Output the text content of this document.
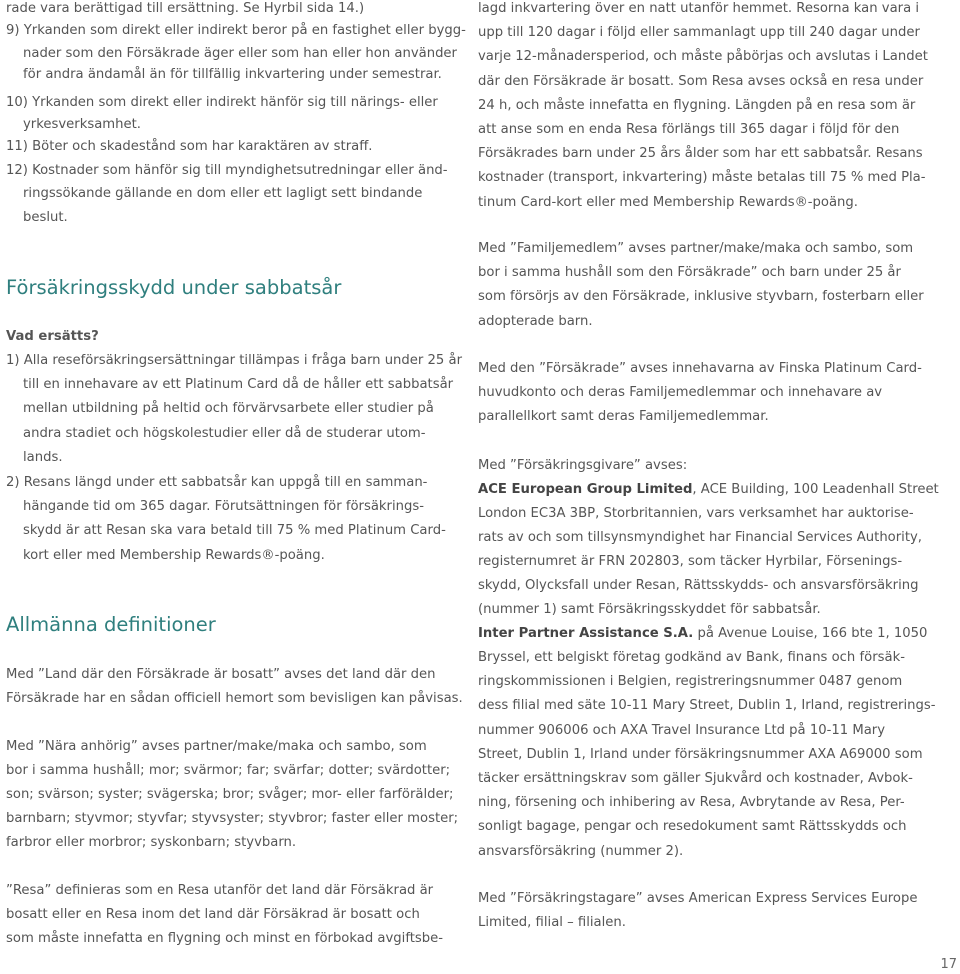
rade vara berättigad till ersättning. Se Hyrbil sida 14.)
9) Yrkanden som direkt eller indirekt beror på en fastighet eller bygg-
nader som den Försäkrade äger eller som han eller hon använder
för andra ändamål än för tillfällig inkvartering under semestrar.
10) Yrkanden som direkt eller indirekt hänför sig till närings- eller
yrkesverksamhet.
11) Böter och skadestånd som har karaktären av straff.
12) Kostnader som hänför sig till myndighetsutredningar eller änd-
ringssökande gällande en dom eller ett lagligt sett bindande
beslut.
Försäkringsskydd under sabbatsår
Vad ersätts?
1) Alla reseförsäkringsersättningar tillämpas i fråga barn under 25 år
till en innehavare av ett Platinum Card då de håller ett sabbatsår
mellan utbildning på heltid och förvärvsarbete eller studier på
andra stadiet och högskolestudier eller då de studerar utom-
lands.
2) Resans längd under ett sabbatsår kan uppgå till en samman-
hängande tid om 365 dagar. Förutsättningen för försäkrings-
skydd är att Resan ska vara betald till 75 % med Platinum Card-
kort eller med Membership Rewards®-poäng.
Allmänna definitioner
Med ”Land där den Försäkrade är bosatt” avses det land där den
Försäkrade har en sådan officiell hemort som bevisligen kan påvisas.
Med ”Nära anhörig” avses partner/make/maka och sambo, som
bor i samma hushåll; mor; svärmor; far; svärfar; dotter; svärdotter;
son; svärson; syster; svägerska; bror; svåger; mor- eller farförälder;
barnbarn; styvmor; styvfar; styvsyster; styvbror; faster eller moster;
farbror eller morbror; syskonbarn; styvbarn.
”Resa” definieras som en Resa utanför det land där Försäkrad är
bosatt eller en Resa inom det land där Försäkrad är bosatt och
som måste innefatta en flygning och minst en förbokad avgiftsbe-
lagd inkvartering över en natt utanför hemmet. Resorna kan vara i
upp till 120 dagar i följd eller sammanlagt upp till 240 dagar under
varje 12-månadersperiod, och måste påbörjas och avslutas i Landet
där den Försäkrade är bosatt. Som Resa avses också en resa under
24 h, och måste innefatta en flygning. Längden på en resa som är
att anse som en enda Resa förlängs till 365 dagar i följd för den
Försäkrades barn under 25 års ålder som har ett sabbatsår. Resans
kostnader (transport, inkvartering) måste betalas till 75 % med Pla-
tinum Card-kort eller med Membership Rewards®-poäng.
Med ”Familjemedlem” avses partner/make/maka och sambo, som
bor i samma hushåll som den Försäkrade” och barn under 25 år
som försörjs av den Försäkrade, inklusive styvbarn, fosterbarn eller
adopterade barn.
Med den ”Försäkrade” avses innehavarna av Finska Platinum Card-
huvudkonto och deras Familjemedlemmar och innehavare av
parallellkort samt deras Familjemedlemmar.
Med ”Försäkringsgivare” avses:
ACE European Group Limited, ACE Building, 100 Leadenhall Street
London EC3A 3BP, Storbritannien, vars verksamhet har auktorise-
rats av och som tillsynsmyndighet har Financial Services Authority,
registernumret är FRN 202803, som täcker Hyrbilar, Försenings-
skydd, Olycksfall under Resan, Rättsskydds- och ansvarsförsäkring
(nummer 1) samt Försäkringsskyddet för sabbatsår.
Inter Partner Assistance S.A. på Avenue Louise, 166 bte 1, 1050
Bryssel, ett belgiskt företag godkänd av Bank, finans och försäk-
ringskommissionen i Belgien, registreringsnummer 0487 genom
dess filial med säte 10-11 Mary Street, Dublin 1, Irland, registrerings-
nummer 906006 och AXA Travel Insurance Ltd på 10-11 Mary
Street, Dublin 1, Irland under försäkringsnummer AXA A69000 som
täcker ersättningskrav som gäller Sjukvård och kostnader, Avbok-
ning, försening och inhibering av Resa, Avbrytande av Resa, Per-
sonligt bagage, pengar och resedokument samt Rättsskydds och
ansvarsförsäkring (nummer 2).
Med ”Försäkringstagare” avses American Express Services Europe
Limited, filial – filialen.
17
